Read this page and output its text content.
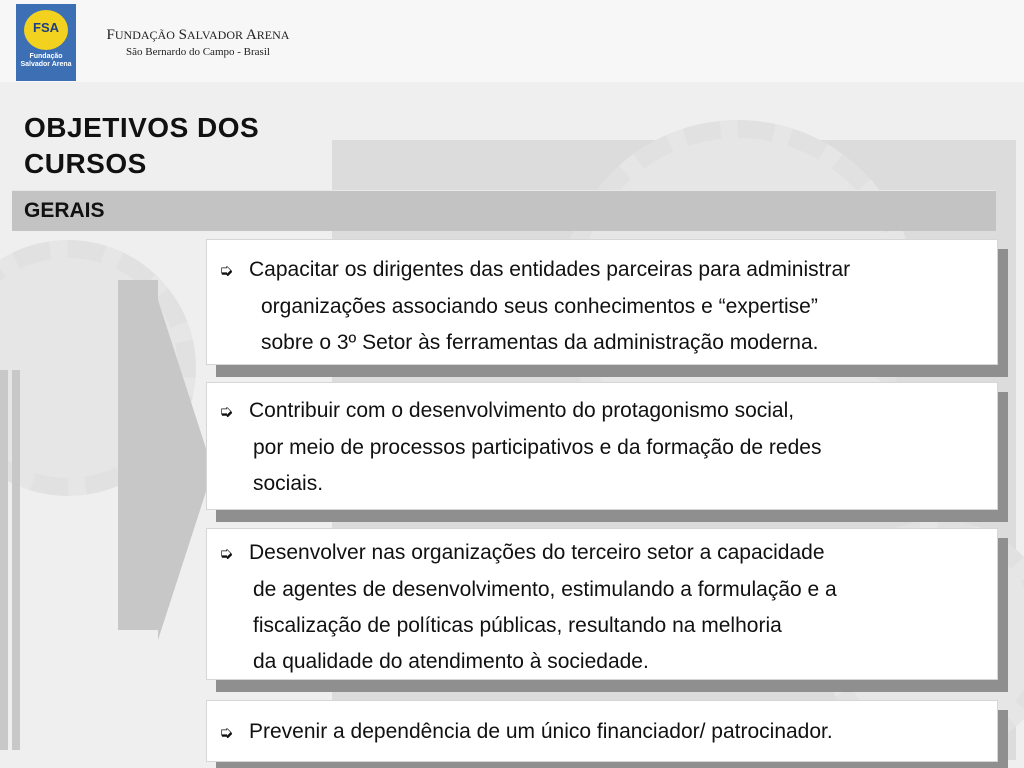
FSA
Fundação
Salvador Arena
FUNDAÇÃO SALVADOR ARENA
São Bernardo do Campo - Brasil
OBJETIVOS DOS
CURSOS
GERAIS
➭ Capacitar os dirigentes das entidades parceiras para administrar
organizações associando seus conhecimentos e “expertise”
sobre o 3º Setor às ferramentas da administração moderna.
➭ Contribuir com o desenvolvimento do protagonismo social,
por meio de processos participativos e da formação de redes
sociais.
➭ Desenvolver nas organizações do terceiro setor a capacidade
de agentes de desenvolvimento, estimulando a formulação e a
fiscalização de políticas públicas, resultando na melhoria
da qualidade do atendimento à sociedade.
➭ Prevenir a dependência de um único financiador/ patrocinador.
